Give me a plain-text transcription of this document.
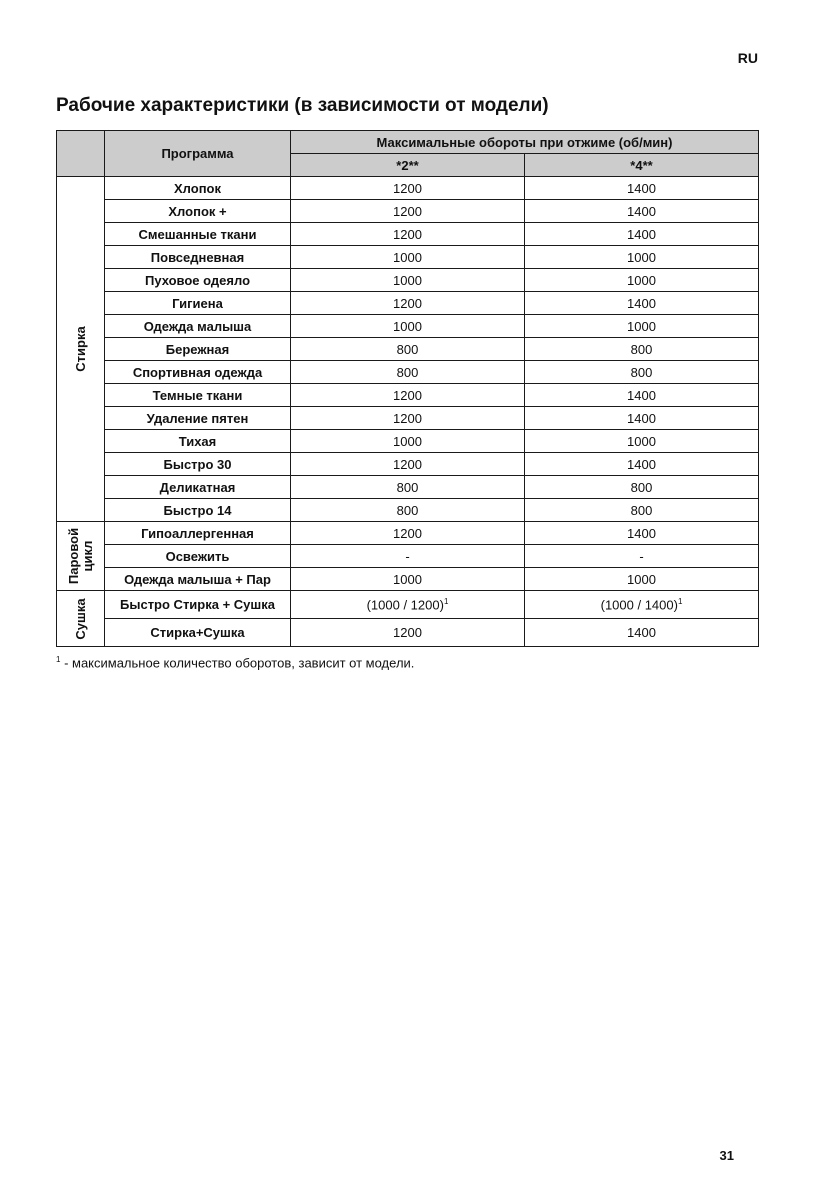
RU
Рабочие характеристики (в зависимости от модели)
	Программа	Максимальные обороты при отжиме (об/мин)	
		*2**	*4**

Стирка	Хлопок	1200	1400
	Хлопок +	1200	1400
	Смешанные ткани	1200	1400
	Повседневная	1000	1000
	Пуховое одеяло	1000	1000
	Гигиена	1200	1400
	Одежда малыша	1000	1000
	Бережная	800	800
	Спортивная одежда	800	800
	Темные ткани	1200	1400
	Удаление пятен	1200	1400
	Тихая	1000	1000
	Быстро 30	1200	1400
	Деликатная	800	800
	Быстро 14	800	800

Паровой цикл	Гипоаллергенная	1200	1400
	Освежить	-	-
	Одежда малыша + Пар	1000	1000

Сушка	Быстро Стирка + Сушка	(1000 / 1200)$^1$	(1000 / 1400)$^1$
	Стирка+Сушка	1200	1400

$^1$ - максимальное количество оборотов, зависит от модели.

31
